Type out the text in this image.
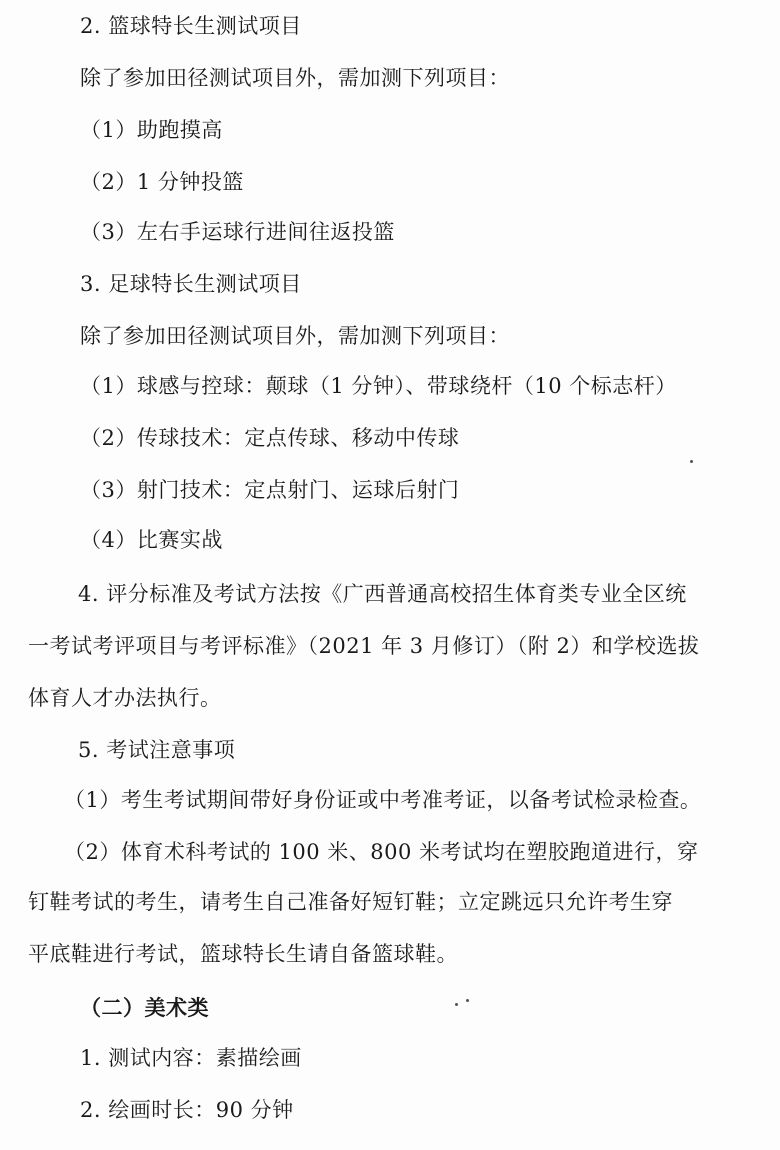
2. 篮球特长生测试项目
除了参加田径测试项目外，需加测下列项目：
（1）助跑摸高
（2）1 分钟投篮
（3）左右手运球行进间往返投篮
3. 足球特长生测试项目
除了参加田径测试项目外，需加测下列项目：
（1）球感与控球：颠球（1 分钟）、带球绕杆（10 个标志杆）
（2）传球技术：定点传球、移动中传球
（3）射门技术：定点射门、运球后射门
（4）比赛实战
4. 评分标准及考试方法按《广西普通高校招生体育类专业全区统
一考试考评项目与考评标准》（2021 年 3 月修订）（附 2）和学校选拔
体育人才办法执行。
5. 考试注意事项
（1）考生考试期间带好身份证或中考准考证，以备考试检录检查。
（2）体育术科考试的 100 米、800 米考试均在塑胶跑道进行，穿
钉鞋考试的考生，请考生自己准备好短钉鞋；立定跳远只允许考生穿
平底鞋进行考试，篮球特长生请自备篮球鞋。
（二）美术类
1. 测试内容：素描绘画
2. 绘画时长：90 分钟
